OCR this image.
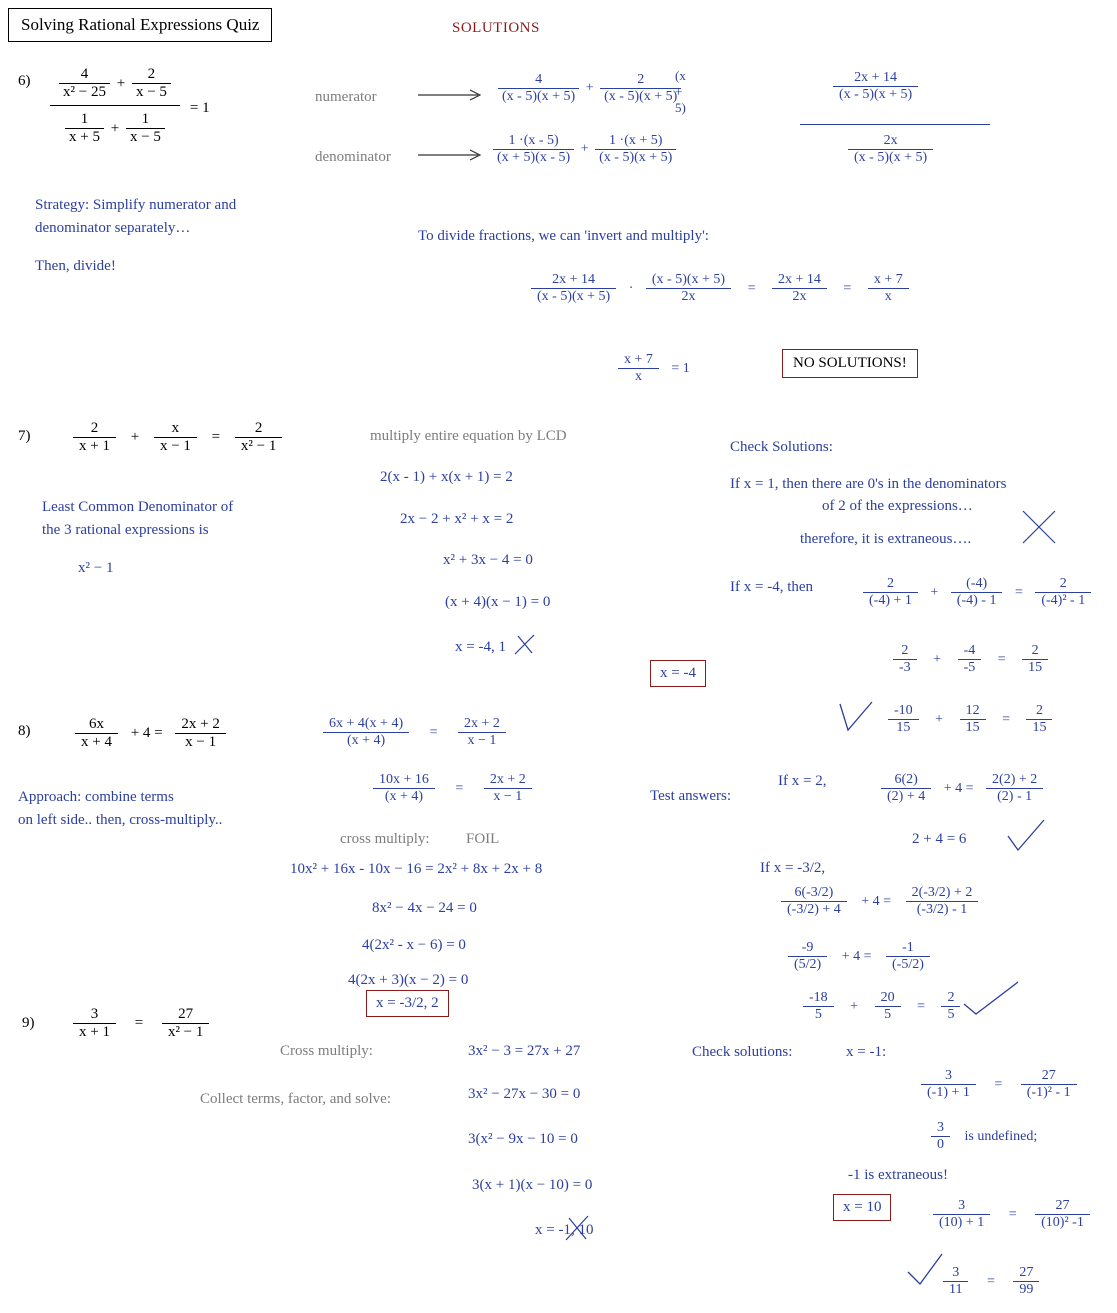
Solving Rational Expressions Quiz	SOLUTIONS
$6) \frac{\frac{4}{\text{x² − 25}} + \frac{2}{x - 5}}{\frac{1}{x + 5} + \frac{1}{x - 5}} = 1$
Strategy: Simplify numerator and
denominator separately…
Then, divide!
numerator
denominator
$\frac{4}{(x - 5)(x + 5)} + \frac{2}{(x - 5)(x + 5)}$
(x + 5)
$\frac{2x + 14}{(x - 5)(x + 5)}$
$\frac{1 \cdot(x - 5)}{(x + 5)(x - 5)} + \frac{1 \cdot(x + 5)}{(x - 5)(x + 5)}$	$\frac{2x}{(x - 5)(x + 5)}$
To divide fractions, we can 'invert and multiply':
$\frac{2x + 14}{(x - 5)(x + 5)} \cdot \frac{(x - 5)(x + 5)}{2x} = \frac{2x + 14}{2x} = \frac{x + 7}{x}$
$\frac{x + 7}{x} = 1$	NO SOLUTIONS!
7)	$\frac{2}{x + 1} + \frac{x}{x - 1} = \frac{2}{\text{x² − 1}}$
Least Common Denominator of
the 3 rational expressions is
x² − 1
multiply entire equation by LCD
2(x - 1) + x(x + 1) = 2
2x − 2 + x² + x = 2
x² + 3x − 4 = 0
(x + 4)(x − 1) = 0
x = -4, 1
x = -4
Check Solutions:
If x = 1, then there are 0's in the denominators
of 2 of the expressions…
therefore, it is extraneous….
If x = -4, then	$\frac{2}{(-4) + 1} + \frac{(-4)}{(-4) - 1} = \frac{2}{\text{(-4)² - 1}}$
$\frac{2}{-3} + \frac{-4}{-5} = \frac{2}{15}$
$\frac{-10}{15} + \frac{12}{15} = \frac{2}{15}$
8)	$\frac{6x}{x + 4} + 4 = \frac{2x + 2}{x - 1}$
Approach: combine terms
on left side.. then, cross-multiply..
$\frac{6x + 4(x + 4)}{(x + 4)} = \frac{2x + 2}{x - 1}$
$\frac{10x + 16}{(x + 4)} = \frac{2x + 2}{x - 1}$
cross multiply: FOIL
10x² + 16x - 10x − 16 = 2x² + 8x + 2x + 8
8x² − 4x − 24 = 0
4(2x² - x − 6) = 0
4(2x + 3)(x − 2) = 0
x = -3/2, 2
Test answers:
If x = 2,	$\frac{6(2)}{(2) + 4} + 4 = \frac{2(2) + 2}{(2) - 1}$
2 + 4 = 6
If x = -3/2,
$\frac{6(-3/2)}{(-3/2) + 4} + 4 = \frac{2(-3/2) + 2}{(-3/2) - 1}$
$\frac{-9}{(5/2)} + 4 = \frac{-1}{(-5/2)}$
$\frac{-18}{5} + \frac{20}{5} = \frac{2}{5}$
9)	$\frac{3}{x + 1} = \frac{27}{\text{x² − 1}}$
Cross multiply:
Collect terms, factor, and solve:
3x² − 3 = 27x + 27
3x² − 27x − 30 = 0
3(x² − 9x − 10 = 0
3(x + 1)(x − 10) = 0
x = -1, 10
Check solutions:	x = -1:
$\frac{3}{(-1) + 1} = \frac{27}{\text{(-1)² - 1}}$
$\frac{3}{0}$ is undefined;
-1 is extraneous!
x = 10	$\frac{3}{(10) + 1} = \frac{27}{\text{(10)² -1}}$
$\frac{3}{11} = \frac{27}{99}$
